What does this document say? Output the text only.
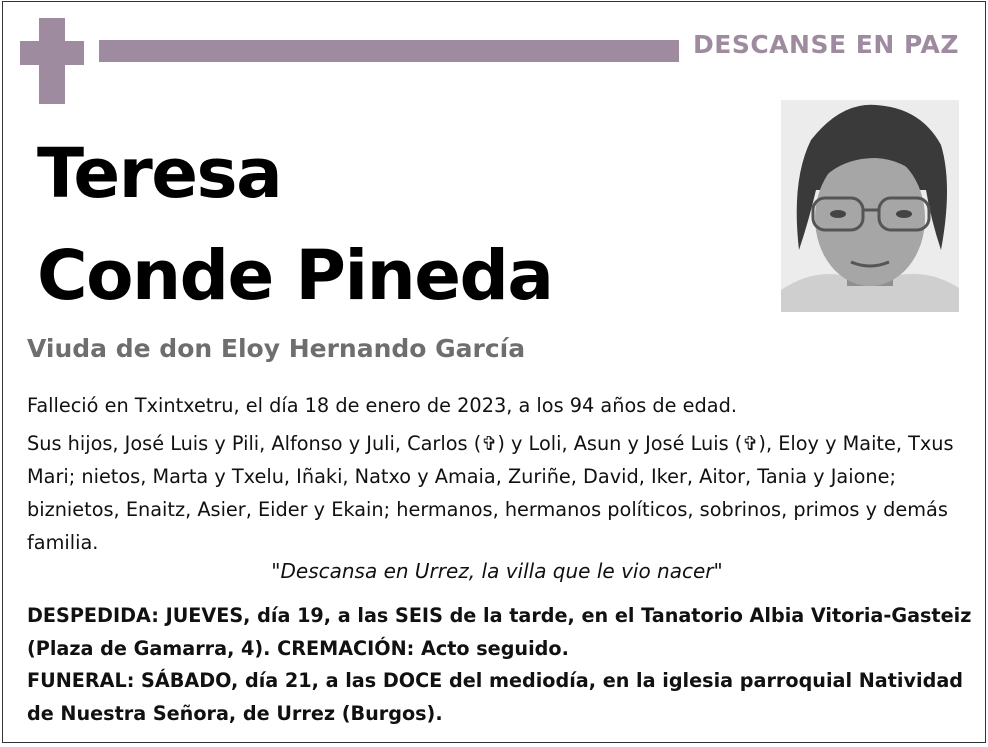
DESCANSE EN PAZ
Teresa
Conde Pineda
Viuda de don Eloy Hernando García
Falleció en Txintxetru, el día 18 de enero de 2023, a los 94 años de edad.
Sus hijos, José Luis y Pili, Alfonso y Juli, Carlos (✞) y Loli, Asun y José Luis (✞), Eloy y Maite, Txus Mari; nietos, Marta y Txelu, Iñaki, Natxo y Amaia, Zuriñe, David, Iker, Aitor, Tania y Jaione; biznietos, Enaitz, Asier, Eider y Ekain; hermanos, hermanos políticos, sobrinos, primos y demás familia.
"Descansa en Urrez, la villa que le vio nacer"
DESPEDIDA: JUEVES, día 19, a las SEIS de la tarde, en el Tanatorio Albia Vitoria-Gasteiz (Plaza de Gamarra, 4). CREMACIÓN: Acto seguido.
FUNERAL: SÁBADO, día 21, a las DOCE del mediodía, en la iglesia parroquial Natividad de Nuestra Señora, de Urrez (Burgos).
